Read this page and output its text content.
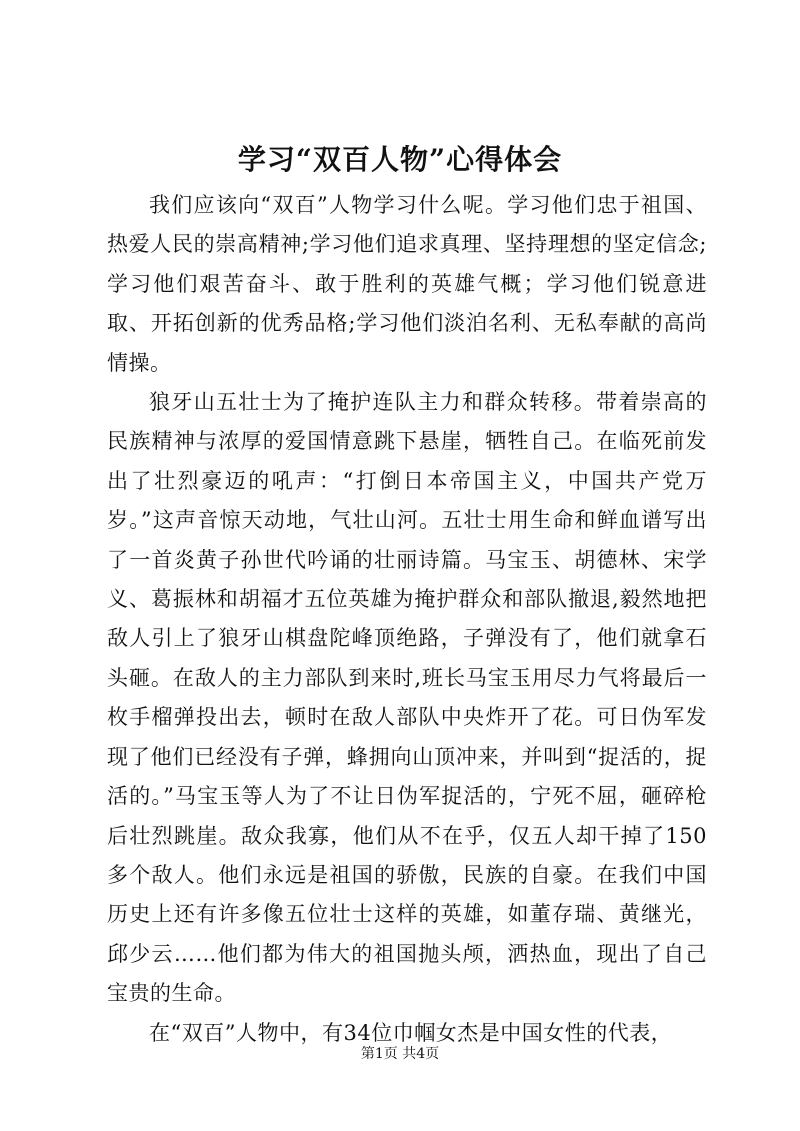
学习“双百人物”心得体会

我们应该向“双百”人物学习什么呢。学习他们忠于祖国、热爱人民的崇高精神;学习他们追求真理、坚持理想的坚定信念;学习他们艰苦奋斗、敢于胜利的英雄气概；学习他们锐意进取、开拓创新的优秀品格;学习他们淡泊名利、无私奉献的高尚情操。

狼牙山五壮士为了掩护连队主力和群众转移。带着崇高的民族精神与浓厚的爱国情意跳下悬崖，牺牲自己。在临死前发出了壮烈豪迈的吼声：“打倒日本帝国主义，中国共产党万岁。”这声音惊天动地，气壮山河。五壮士用生命和鲜血谱写出了一首炎黄子孙世代吟诵的壮丽诗篇。马宝玉、胡德林、宋学义、葛振林和胡福才五位英雄为掩护群众和部队撤退,毅然地把敌人引上了狼牙山棋盘陀峰顶绝路，子弹没有了，他们就拿石头砸。在敌人的主力部队到来时,班长马宝玉用尽力气将最后一枚手榴弹投出去，顿时在敌人部队中央炸开了花。可日伪军发现了他们已经没有子弹，蜂拥向山顶冲来，并叫到“捉活的，捉活的。”马宝玉等人为了不让日伪军捉活的，宁死不屈，砸碎枪后壮烈跳崖。敌众我寡，他们从不在乎，仅五人却干掉了150多个敌人。他们永远是祖国的骄傲，民族的自豪。在我们中国历史上还有许多像五位壮士这样的英雄，如董存瑞、黄继光，邱少云……他们都为伟大的祖国抛头颅，洒热血，现出了自己宝贵的生命。

在“双百”人物中，有34位巾帼女杰是中国女性的代表，

第1页 共4页
